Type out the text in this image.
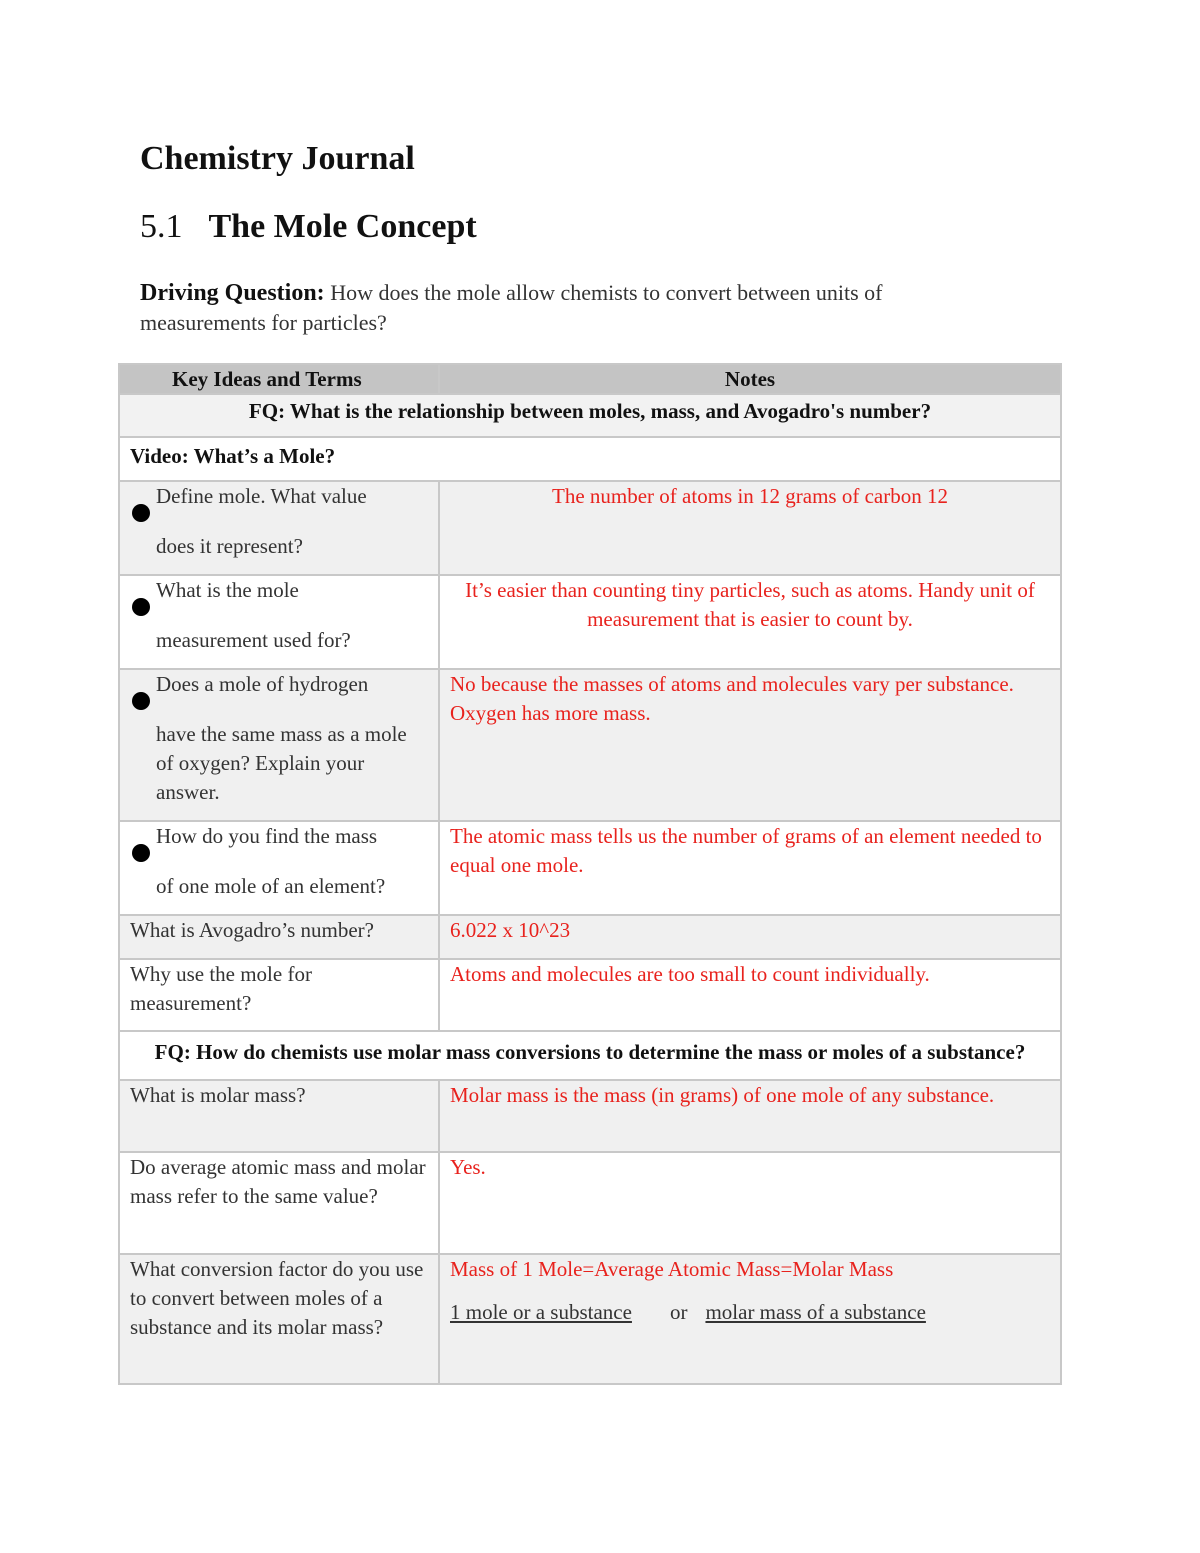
Chemistry Journal
5.1 The Mole Concept

Driving Question: How does the mole allow chemists to convert between units of measurements for particles?

Key Ideas and Terms	Notes
FQ: What is the relationship between moles, mass, and Avogadro's number?	
Video: What’s a Mole?	

Define mole. What value
does it represent?	The number of atoms in 12 grams of carbon 12

What is the mole
measurement used for?	It’s easier than counting tiny particles, such as atoms. Handy unit of measurement that is easier to count by.

Does a mole of hydrogen
have the same mass as a mole of oxygen? Explain your answer.	No because the masses of atoms and molecules vary per substance. Oxygen has more mass.

How do you find the mass
of one mole of an element?	The atomic mass tells us the number of grams of an element needed to equal one mole.
What is Avogadro’s number?	6.022 x 10^23
Why use the mole for measurement?	Atoms and molecules are too small to count individually.
FQ: How do chemists use molar mass conversions to determine the mass or moles of a substance?	
What is molar mass?	Molar mass is the mass (in grams) of one mole of any substance.
Do average atomic mass and molar mass refer to the same value?	Yes.
What conversion factor do you use to convert between moles of a substance and its molar mass?	Mass of 1 Mole=Average Atomic Mass=Molar Mass
1 mole or a substance or molar mass of a substance
